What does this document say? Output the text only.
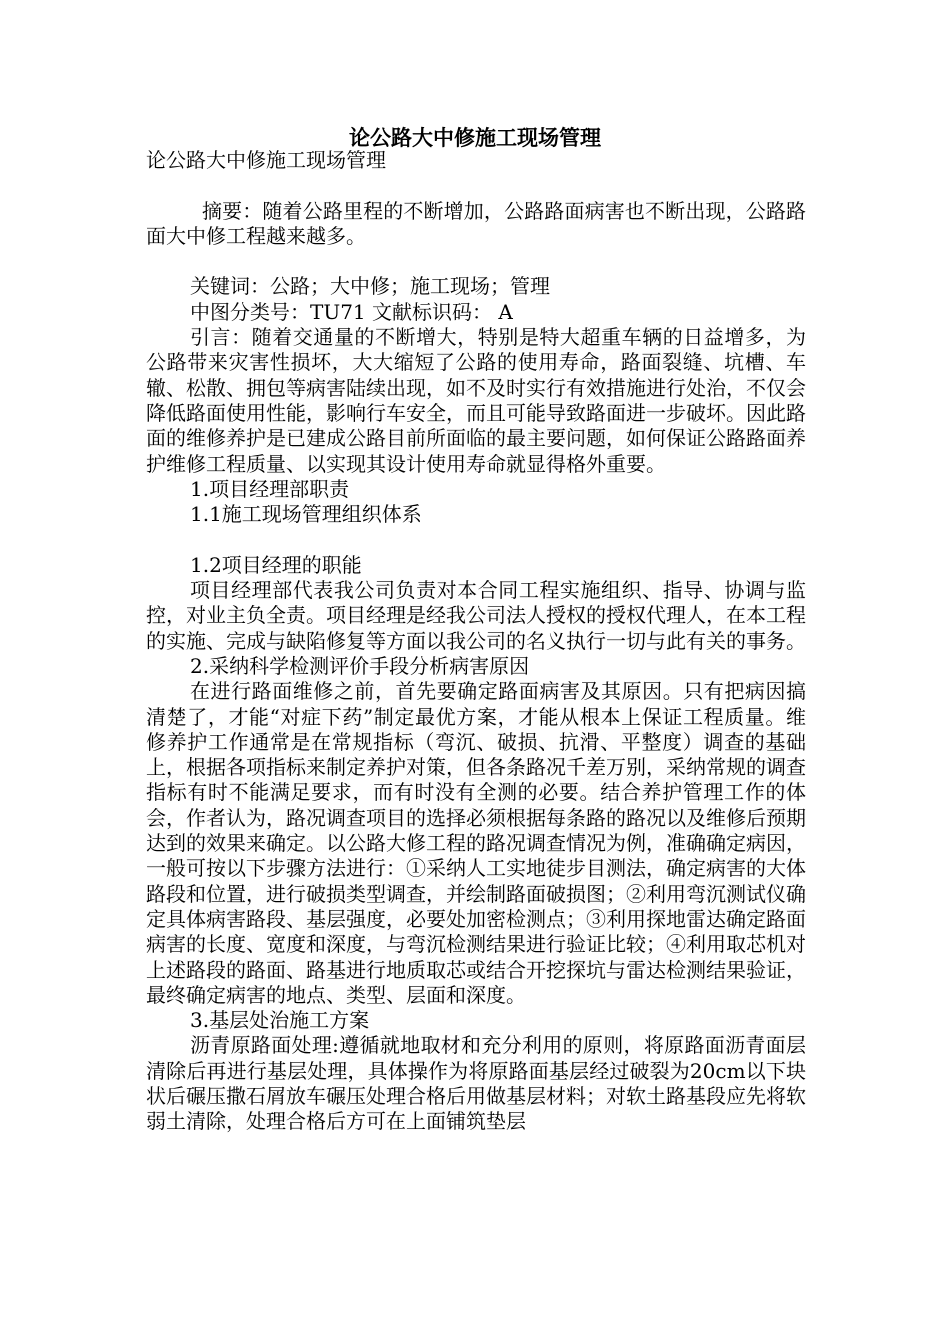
论公路大中修施工现场管理

论公路大中修施工现场管理

摘要：随着公路里程的不断增加，公路路面病害也不断出现，公路路面大中修工程越来越多。

关键词：公路；大中修；施工现场；管理

中图分类号：TU71 文献标识码： A

引言：随着交通量的不断增大，特别是特大超重车辆的日益增多，为公路带来灾害性损坏，大大缩短了公路的使用寿命，路面裂缝、坑槽、车辙、松散、拥包等病害陆续出现，如不及时实行有效措施进行处治，不仅会降低路面使用性能，影响行车安全，而且可能导致路面进一步破坏。因此路面的维修养护是已建成公路目前所面临的最主要问题，如何保证公路路面养护维修工程质量、以实现其设计使用寿命就显得格外重要。

1.项目经理部职责

1.1施工现场管理组织体系

1.2项目经理的职能

项目经理部代表我公司负责对本合同工程实施组织、指导、协调与监控，对业主负全责。项目经理是经我公司法人授权的授权代理人，在本工程的实施、完成与缺陷修复等方面以我公司的名义执行一切与此有关的事务。

2.采纳科学检测评价手段分析病害原因

在进行路面维修之前，首先要确定路面病害及其原因。只有把病因搞清楚了，才能“对症下药”制定最优方案，才能从根本上保证工程质量。维修养护工作通常是在常规指标（弯沉、破损、抗滑、平整度）调查的基础上，根据各项指标来制定养护对策，但各条路况千差万别，采纳常规的调查指标有时不能满足要求，而有时没有全测的必要。结合养护管理工作的体会，作者认为，路况调查项目的选择必须根据每条路的路况以及维修后预期达到的效果来确定。以公路大修工程的路况调查情况为例，准确确定病因，一般可按以下步骤方法进行：①采纳人工实地徒步目测法，确定病害的大体路段和位置，进行破损类型调查，并绘制路面破损图；②利用弯沉测试仪确定具体病害路段、基层强度，必要处加密检测点；③利用探地雷达确定路面病害的长度、宽度和深度，与弯沉检测结果进行验证比较；④利用取芯机对上述路段的路面、路基进行地质取芯或结合开挖探坑与雷达检测结果验证，最终确定病害的地点、类型、层面和深度。

3.基层处治施工方案

沥青原路面处理:遵循就地取材和充分利用的原则，将原路面沥青面层清除后再进行基层处理，具体操作为将原路面基层经过破裂为20cm以下块状后碾压撒石屑放车碾压处理合格后用做基层材料；对软土路基段应先将软弱土清除，处理合格后方可在上面铺筑垫层
